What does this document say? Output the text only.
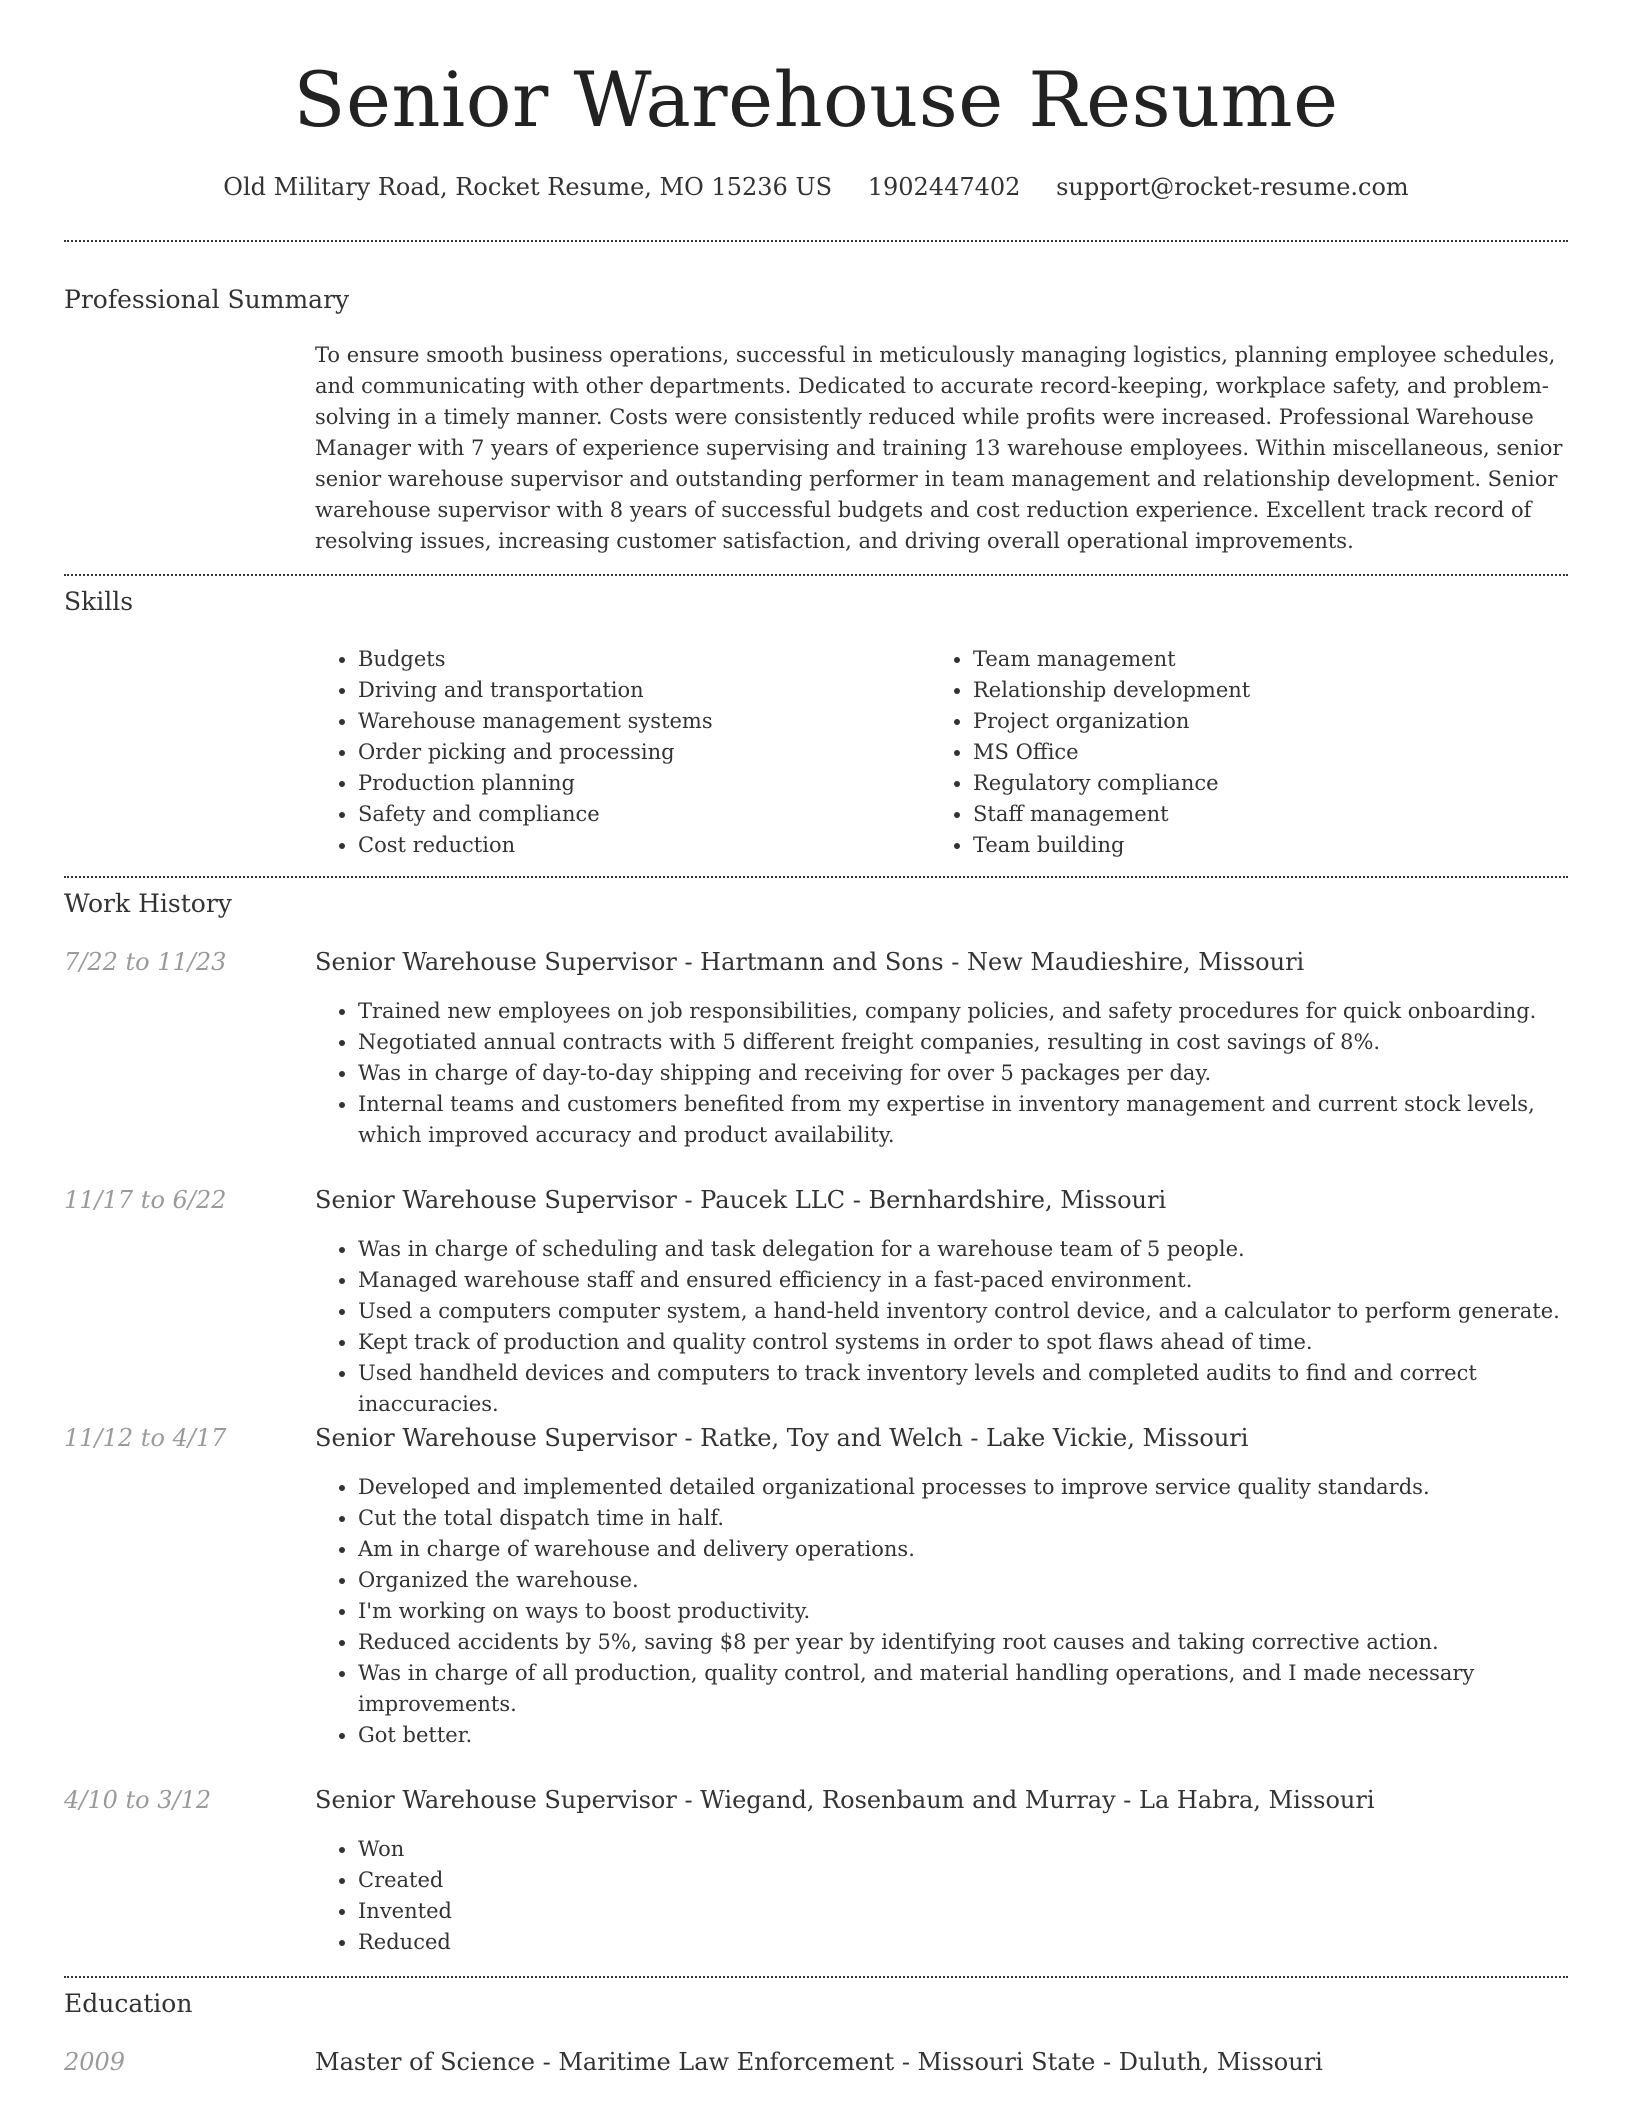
Senior Warehouse Resume
Old Military Road, Rocket Resume, MO 15236 US 1902447402 support@rocket-resume.com
Professional Summary
To ensure smooth business operations, successful in meticulously managing logistics, planning employee schedules, and communicating with other departments. Dedicated to accurate record-keeping, workplace safety, and problem-solving in a timely manner. Costs were consistently reduced while profits were increased. Professional Warehouse Manager with 7 years of experience supervising and training 13 warehouse employees. Within miscellaneous, senior senior warehouse supervisor and outstanding performer in team management and relationship development. Senior warehouse supervisor with 8 years of successful budgets and cost reduction experience. Excellent track record of resolving issues, increasing customer satisfaction, and driving overall operational improvements.
Skills
• Budgets
• Driving and transportation
• Warehouse management systems
• Order picking and processing
• Production planning
• Safety and compliance
• Cost reduction
• Team management
• Relationship development
• Project organization
• MS Office
• Regulatory compliance
• Staff management
• Team building
Work History
7/22 to 11/23	Senior Warehouse Supervisor - Hartmann and Sons - New Maudieshire, Missouri
• Trained new employees on job responsibilities, company policies, and safety procedures for quick onboarding.
• Negotiated annual contracts with 5 different freight companies, resulting in cost savings of 8%.
• Was in charge of day-to-day shipping and receiving for over 5 packages per day.
• Internal teams and customers benefited from my expertise in inventory management and current stock levels, which improved accuracy and product availability.
11/17 to 6/22	Senior Warehouse Supervisor - Paucek LLC - Bernhardshire, Missouri
• Was in charge of scheduling and task delegation for a warehouse team of 5 people.
• Managed warehouse staff and ensured efficiency in a fast-paced environment.
• Used a computers computer system, a hand-held inventory control device, and a calculator to perform generate.
• Kept track of production and quality control systems in order to spot flaws ahead of time.
• Used handheld devices and computers to track inventory levels and completed audits to find and correct inaccuracies.
11/12 to 4/17	Senior Warehouse Supervisor - Ratke, Toy and Welch - Lake Vickie, Missouri
• Developed and implemented detailed organizational processes to improve service quality standards.
• Cut the total dispatch time in half.
• Am in charge of warehouse and delivery operations.
• Organized the warehouse.
• I'm working on ways to boost productivity.
• Reduced accidents by 5%, saving $8 per year by identifying root causes and taking corrective action.
• Was in charge of all production, quality control, and material handling operations, and I made necessary improvements.
• Got better.
4/10 to 3/12	Senior Warehouse Supervisor - Wiegand, Rosenbaum and Murray - La Habra, Missouri
• Won
• Created
• Invented
• Reduced
Education
2009	Master of Science - Maritime Law Enforcement - Missouri State - Duluth, Missouri
